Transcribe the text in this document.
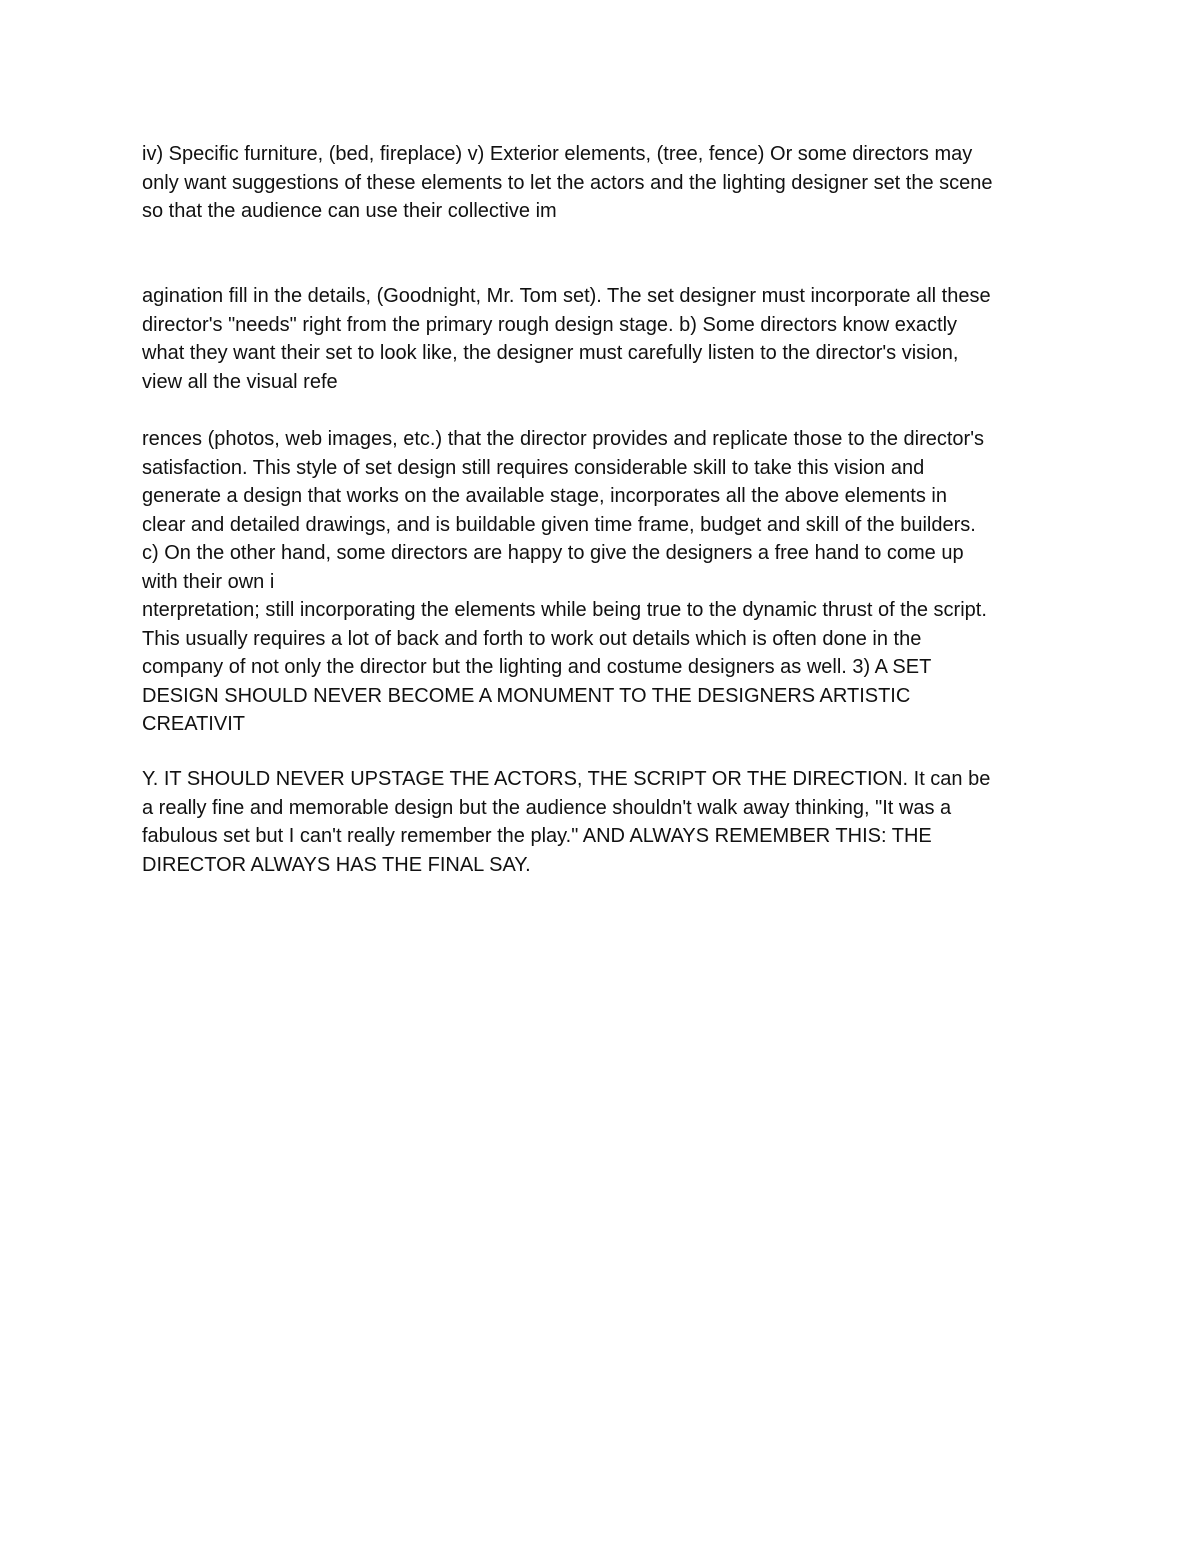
iv) Specific furniture, (bed, fireplace) v) Exterior elements, (tree, fence) Or some directors may
only want suggestions of these elements to let the actors and the lighting designer set the scene
so that the audience can use their collective im
agination fill in the details, (Goodnight, Mr. Tom set). The set designer must incorporate all these
director's "needs" right from the primary rough design stage. b) Some directors know exactly
what they want their set to look like, the designer must carefully listen to the director's vision,
view all the visual refe
rences (photos, web images, etc.) that the director provides and replicate those to the director's
satisfaction. This style of set design still requires considerable skill to take this vision and
generate a design that works on the available stage, incorporates all the above elements in
clear and detailed drawings, and is buildable given time frame, budget and skill of the builders.
c) On the other hand, some directors are happy to give the designers a free hand to come up
with their own i
nterpretation; still incorporating the elements while being true to the dynamic thrust of the script.
This usually requires a lot of back and forth to work out details which is often done in the
company of not only the director but the lighting and costume designers as well. 3) A SET
DESIGN SHOULD NEVER BECOME A MONUMENT TO THE DESIGNERS ARTISTIC
CREATIVIT
Y. IT SHOULD NEVER UPSTAGE THE ACTORS, THE SCRIPT OR THE DIRECTION. It can be
a really fine and memorable design but the audience shouldn't walk away thinking, "It was a
fabulous set but I can't really remember the play." AND ALWAYS REMEMBER THIS: THE
DIRECTOR ALWAYS HAS THE FINAL SAY.
